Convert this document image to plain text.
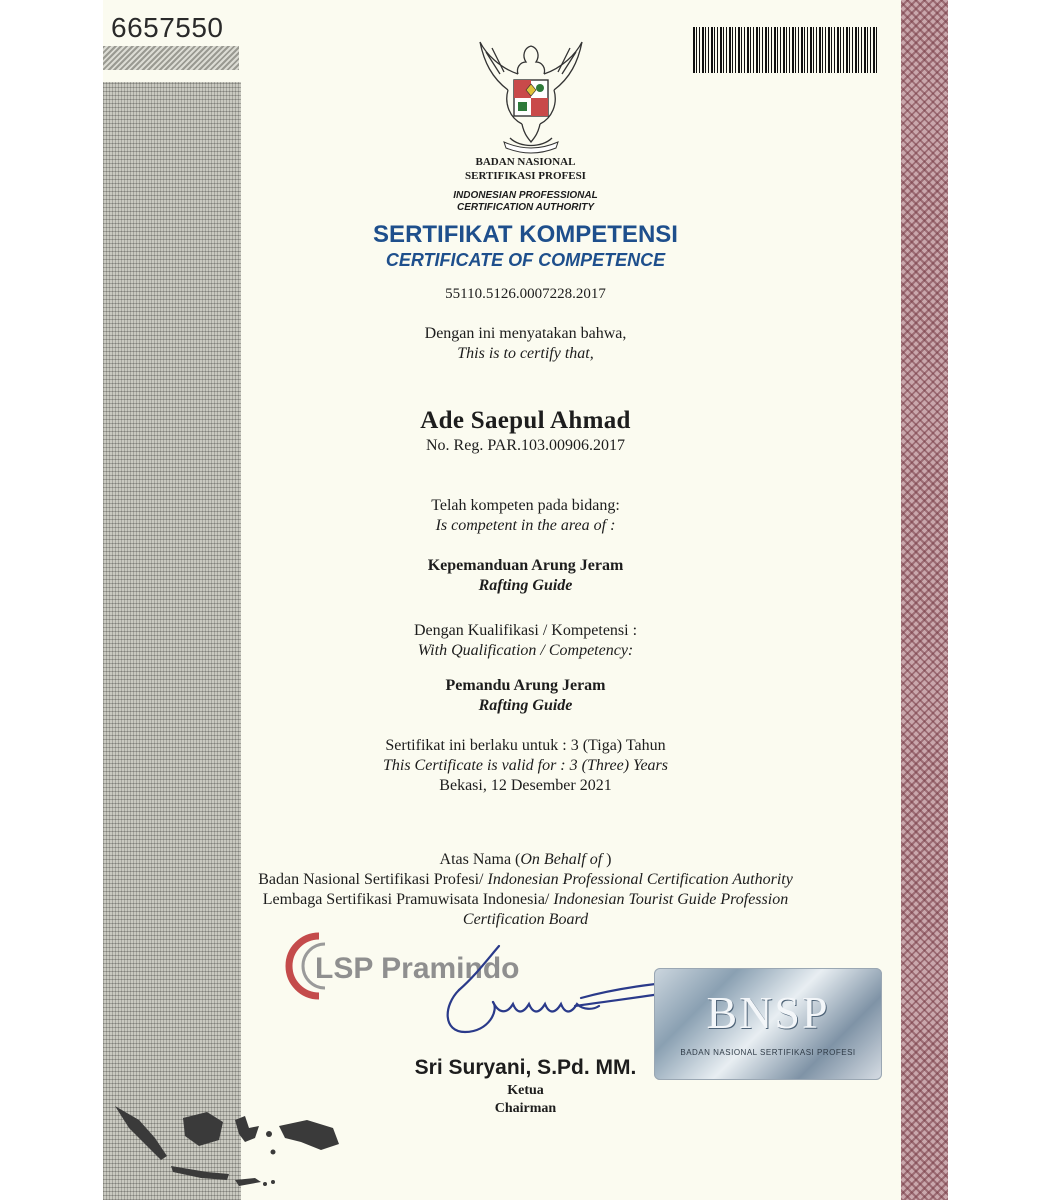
6657550
BADAN NASIONAL
SERTIFIKASI PROFESI
INDONESIAN PROFESSIONAL
CERTIFICATION AUTHORITY
SERTIFIKAT KOMPETENSI
CERTIFICATE OF COMPETENCE
55110.5126.0007228.2017
Dengan ini menyatakan bahwa,
This is to certify that,
Ade Saepul Ahmad
No. Reg. PAR.103.00906.2017
Telah kompeten pada bidang:
Is competent in the area of :
Kepemanduan Arung Jeram
Rafting Guide
Dengan Kualifikasi / Kompetensi :
With Qualification / Competency:
Pemandu Arung Jeram
Rafting Guide
Sertifikat ini berlaku untuk : 3 (Tiga) Tahun
This Certificate is valid for : 3 (Three) Years
Bekasi, 12 Desember 2021
Atas Nama (On Behalf of )
Badan Nasional Sertifikasi Profesi/ Indonesian Professional Certification Authority
Lembaga Sertifikasi Pramuwisata Indonesia/ Indonesian Tourist Guide Profession
Certification Board
LSP Pramindo
BNSP
BADAN NASIONAL SERTIFIKASI PROFESI
Sri Suryani, S.Pd. MM.
Ketua
Chairman
